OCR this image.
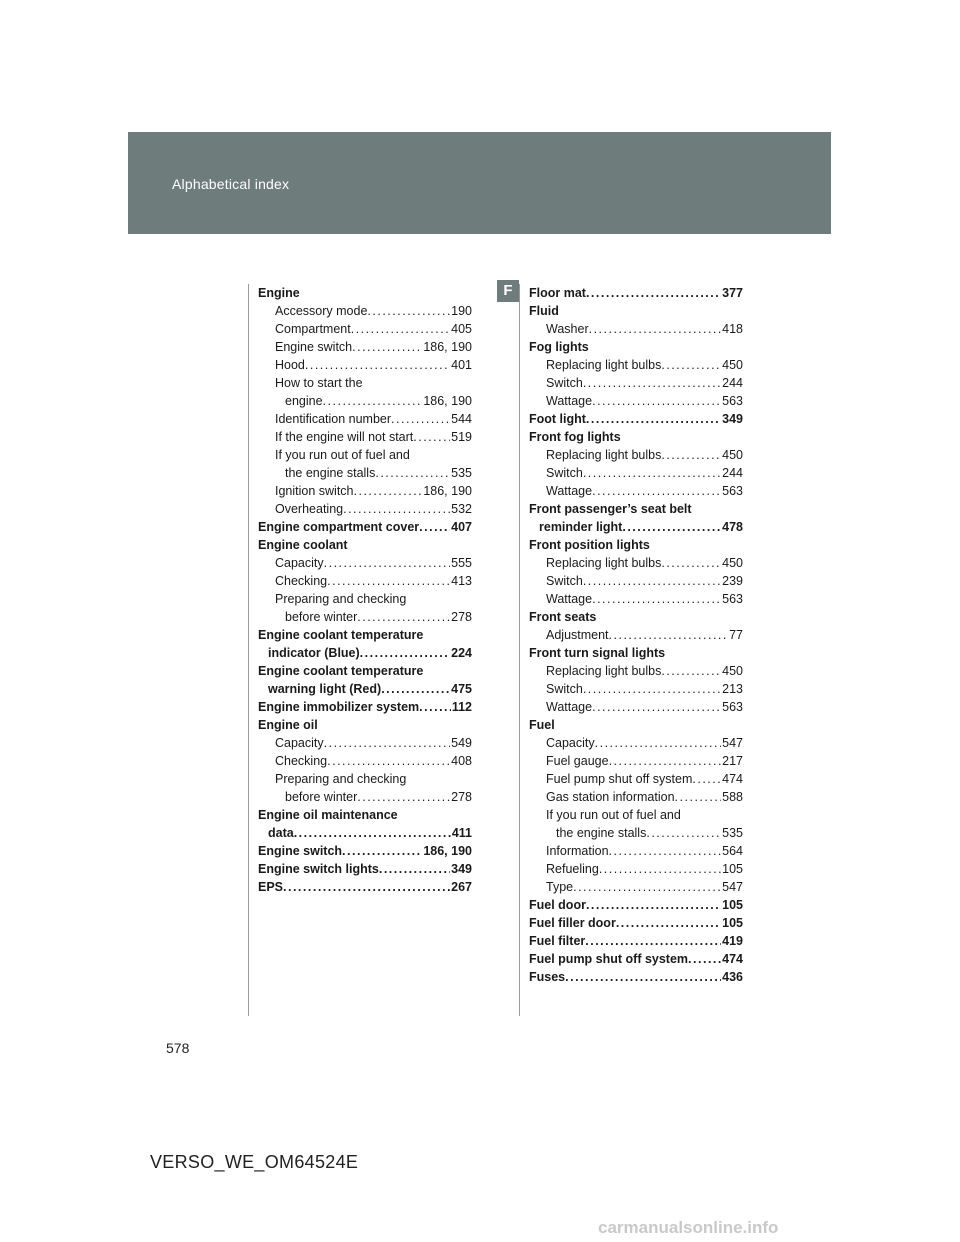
Alphabetical index
F
Engine
Accessory mode .....	190
Compartment .....	405
Engine switch .....	186, 190
Hood .....	401
How to start the
engine .....	186, 190
Identification number .....	544
If the engine will not start .....	519
If you run out of fuel and
the engine stalls .....	535
Ignition switch .....	186, 190
Overheating .....	532
Engine compartment cover .....	407
Engine coolant
Capacity .....	555
Checking .....	413
Preparing and checking
before winter .....	278
Engine coolant temperature
indicator (Blue) .....	224
Engine coolant temperature
warning light (Red) .....	475
Engine immobilizer system .....	112
Engine oil
Capacity .....	549
Checking .....	408
Preparing and checking
before winter .....	278
Engine oil maintenance
data .....	411
Engine switch .....	186, 190
Engine switch lights .....	349
EPS .....	267
Floor mat .....	377
Fluid
Washer .....	418
Fog lights
Replacing light bulbs .....	450
Switch .....	244
Wattage .....	563
Foot light .....	349
Front fog lights
Replacing light bulbs .....	450
Switch .....	244
Wattage .....	563
Front passenger’s seat belt
reminder light .....	478
Front position lights
Replacing light bulbs .....	450
Switch .....	239
Wattage .....	563
Front seats
Adjustment .....	77
Front turn signal lights
Replacing light bulbs .....	450
Switch .....	213
Wattage .....	563
Fuel
Capacity .....	547
Fuel gauge .....	217
Fuel pump shut off system ..... 474
Gas station information .....	588
If you run out of fuel and
the engine stalls .....	535
Information .....	564
Refueling .....	105
Type .....	547
Fuel door .....	105
Fuel filler door .....	105
Fuel filter .....	419
Fuel pump shut off system .....	474
Fuses .....	436
578
VERSO_WE_OM64524E
carmanualsonline.info
